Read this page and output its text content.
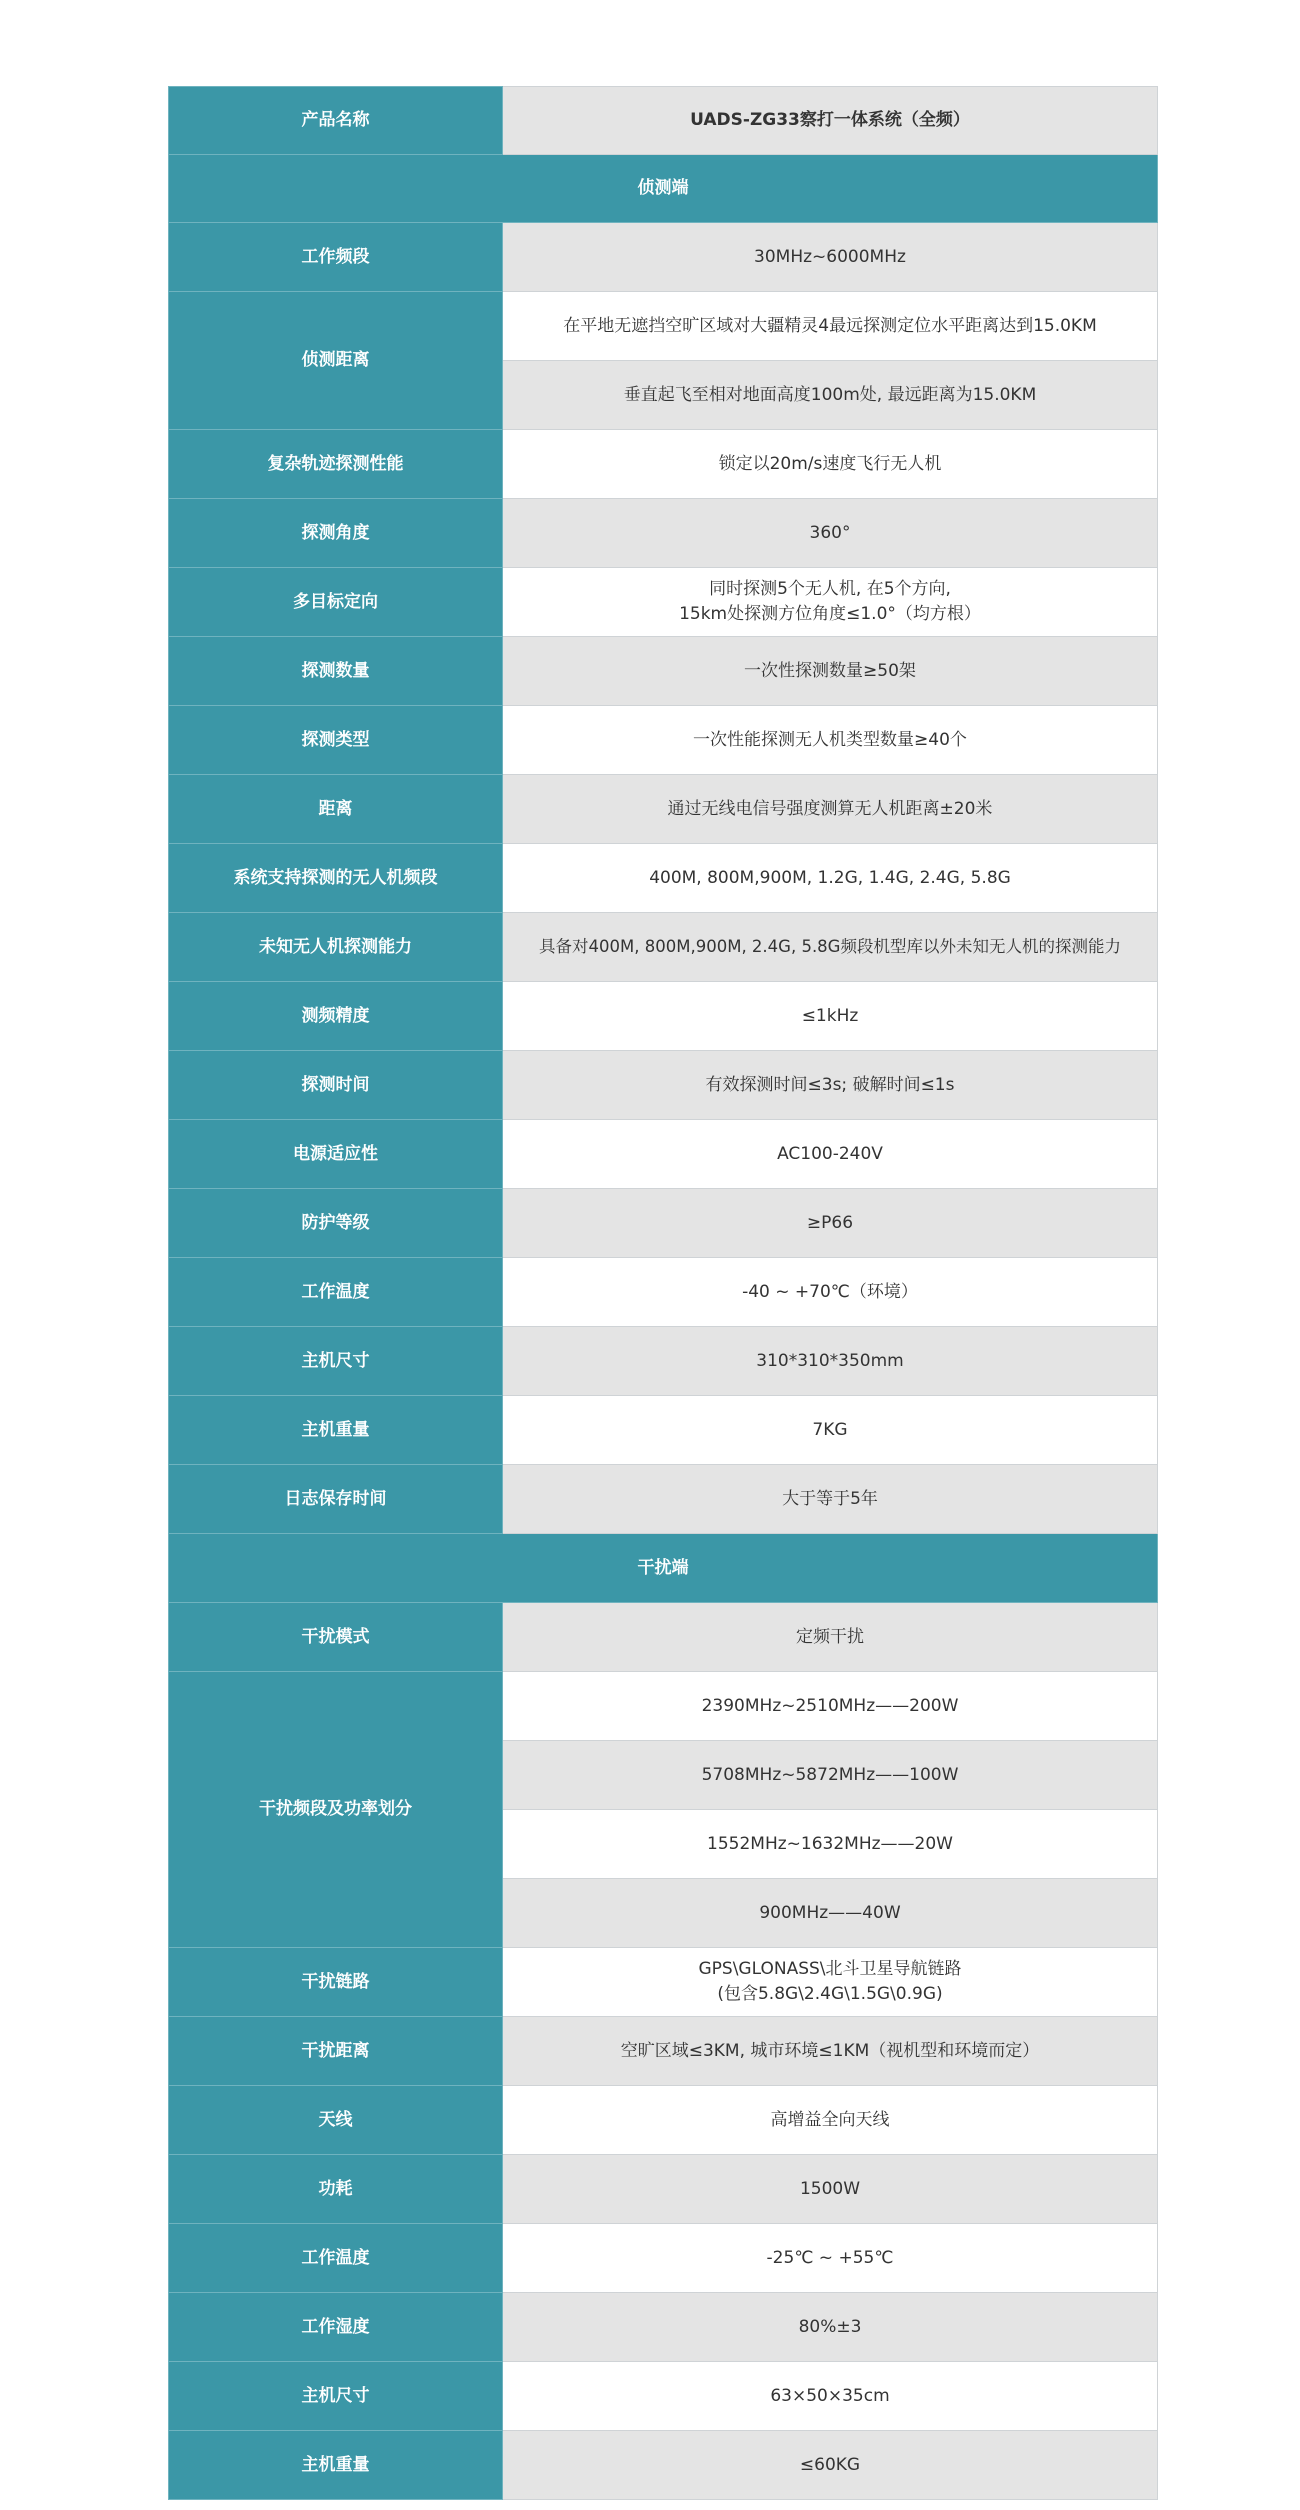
产品名称	UADS-ZG33察打一体系统（全频）
侦测端	
工作频段	30MHz~6000MHz
侦测距离	在平地无遮挡空旷区域对大疆精灵4最远探测定位水平距离达到15.0KM
	垂直起飞至相对地面高度100m处, 最远距离为15.0KM
复杂轨迹探测性能	锁定以20m/s速度飞行无人机
探测角度	360°
多目标定向	同时探测5个无人机, 在5个方向,
15km处探测方位角度≤1.0°（均方根）

探测数量	一次性探测数量≥50架
探测类型	一次性能探测无人机类型数量≥40个
距离	通过无线电信号强度测算无人机距离±20米
系统支持探测的无人机频段	400M, 800M,900M, 1.2G, 1.4G, 2.4G, 5.8G
未知无人机探测能力	具备对400M, 800M,900M, 2.4G, 5.8G频段机型库以外未知无人机的探测能力
测频精度	≤1kHz
探测时间	有效探测时间≤3s; 破解时间≤1s
电源适应性	AC100-240V
防护等级	≥P66
工作温度	-40 ~ +70℃（环境）
主机尺寸	310*310*350mm
主机重量	7KG
日志保存时间	大于等于5年
干扰端	
干扰模式	定频干扰
干扰频段及功率划分	2390MHz~2510MHz——200W
	5708MHz~5872MHz——100W
	1552MHz~1632MHz——20W
	900MHz——40W
干扰链路	GPS\GLONASS\北斗卫星导航链路
(包含5.8G\2.4G\1.5G\0.9G)

干扰距离	空旷区域≤3KM, 城市环境≤1KM（视机型和环境而定）
天线	高增益全向天线
功耗	1500W
工作温度	-25℃ ~ +55℃
工作湿度	80%±3
主机尺寸	63×50×35cm
主机重量	≤60KG
